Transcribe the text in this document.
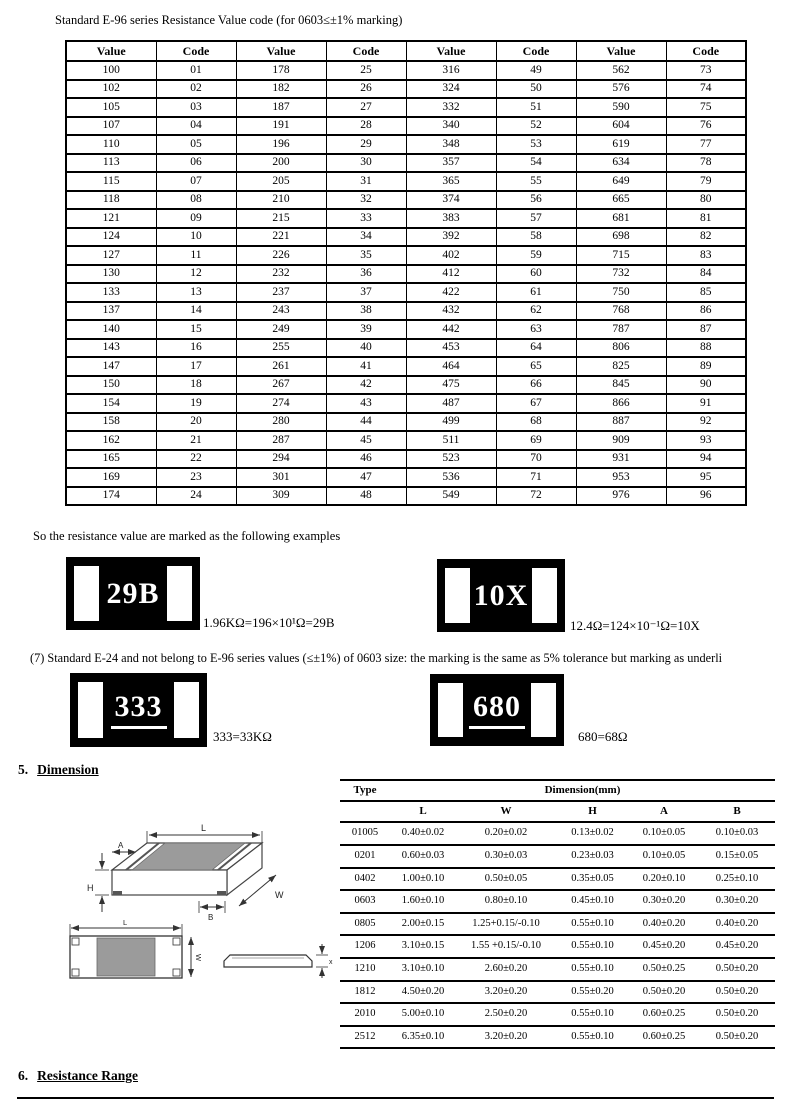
Standard E-96 series Resistance Value code (for 0603≤±1% marking)
Value	Code	Value	Code	Value	Code	Value	Code
100	01	178	25	316	49	562	73
102	02	182	26	324	50	576	74
105	03	187	27	332	51	590	75
107	04	191	28	340	52	604	76
110	05	196	29	348	53	619	77
113	06	200	30	357	54	634	78
115	07	205	31	365	55	649	79
118	08	210	32	374	56	665	80
121	09	215	33	383	57	681	81
124	10	221	34	392	58	698	82
127	11	226	35	402	59	715	83
130	12	232	36	412	60	732	84
133	13	237	37	422	61	750	85
137	14	243	38	432	62	768	86
140	15	249	39	442	63	787	87
143	16	255	40	453	64	806	88
147	17	261	41	464	65	825	89
150	18	267	42	475	66	845	90
154	19	274	43	487	67	866	91
158	20	280	44	499	68	887	92
162	21	287	45	511	69	909	93
165	22	294	46	523	70	931	94
169	23	301	47	536	71	953	95
174	24	309	48	549	72	976	96
So the resistance value are marked as the following examples
29B
1.96KΩ=196×10¹Ω=29B
10X
12.4Ω=124×10⁻¹Ω=10X
(7) Standard E-24 and not belong to E-96 series values (≤±1%) of 0603 size: the marking is the same as 5% tolerance but marking as underli
333
333=33KΩ
680
680=68Ω
5. Dimension
L
A
W
H
B
L
W
x
Type	Dimension(mm)				
	L	W	H	A	B
01005	0.40±0.02	0.20±0.02	0.13±0.02	0.10±0.05	0.10±0.03
0201	0.60±0.03	0.30±0.03	0.23±0.03	0.10±0.05	0.15±0.05
0402	1.00±0.10	0.50±0.05	0.35±0.05	0.20±0.10	0.25±0.10
0603	1.60±0.10	0.80±0.10	0.45±0.10	0.30±0.20	0.30±0.20
0805	2.00±0.15	1.25+0.15/-0.10	0.55±0.10	0.40±0.20	0.40±0.20
1206	3.10±0.15	1.55 +0.15/-0.10	0.55±0.10	0.45±0.20	0.45±0.20
1210	3.10±0.10	2.60±0.20	0.55±0.10	0.50±0.25	0.50±0.20
1812	4.50±0.20	3.20±0.20	0.55±0.20	0.50±0.20	0.50±0.20
2010	5.00±0.10	2.50±0.20	0.55±0.10	0.60±0.25	0.50±0.20
2512	6.35±0.10	3.20±0.20	0.55±0.10	0.60±0.25	0.50±0.20
6. Resistance Range
